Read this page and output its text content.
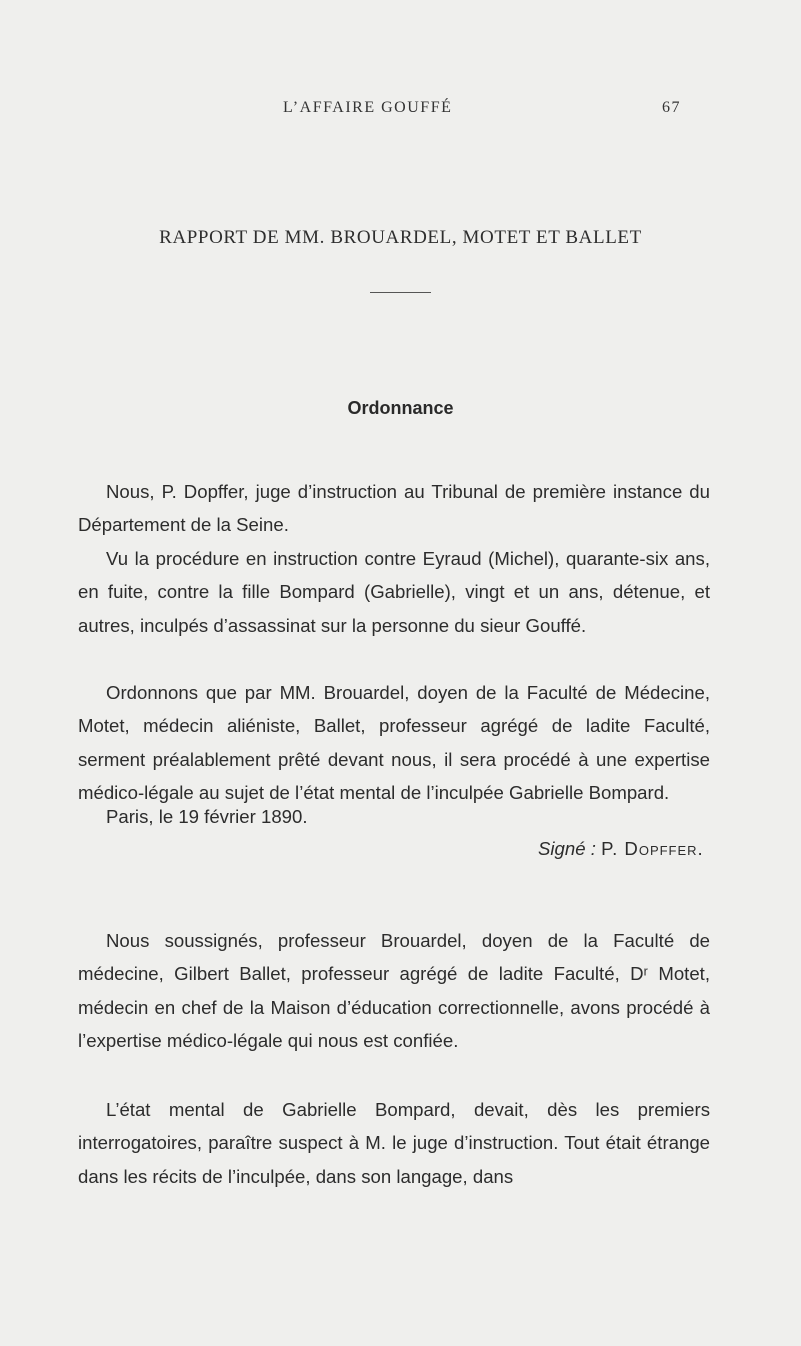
L’AFFAIRE GOUFFÉ	67
RAPPORT DE MM. BROUARDEL, MOTET ET BALLET
Ordonnance

Nous, P. Dopffer, juge d’instruction au Tribunal de première instance du Département de la Seine.

Vu la procédure en instruction contre Eyraud (Michel), quarante-six ans, en fuite, contre la fille Bompard (Gabrielle), vingt et un ans, détenue, et autres, inculpés d’assassinat sur la personne du sieur Gouffé.

Ordonnons que par MM. Brouardel, doyen de la Faculté de Médecine, Motet, médecin aliéniste, Ballet, professeur agrégé de ladite Faculté, serment préalablement prêté devant nous, il sera procédé à une expertise médico-légale au sujet de l’état mental de l’inculpée Gabrielle Bompard.

Paris, le 19 février 1890.
Signé : P. Dopffer.

Nous soussignés, professeur Brouardel, doyen de la Faculté de médecine, Gilbert Ballet, professeur agrégé de ladite Faculté, Dʳ Motet, médecin en chef de la Maison d’éducation correctionnelle, avons procédé à l’expertise médico-légale qui nous est confiée.

L’état mental de Gabrielle Bompard, devait, dès les premiers interrogatoires, paraître suspect à M. le juge d’instruction. Tout était étrange dans les récits de l’inculpée, dans son langage, dans
